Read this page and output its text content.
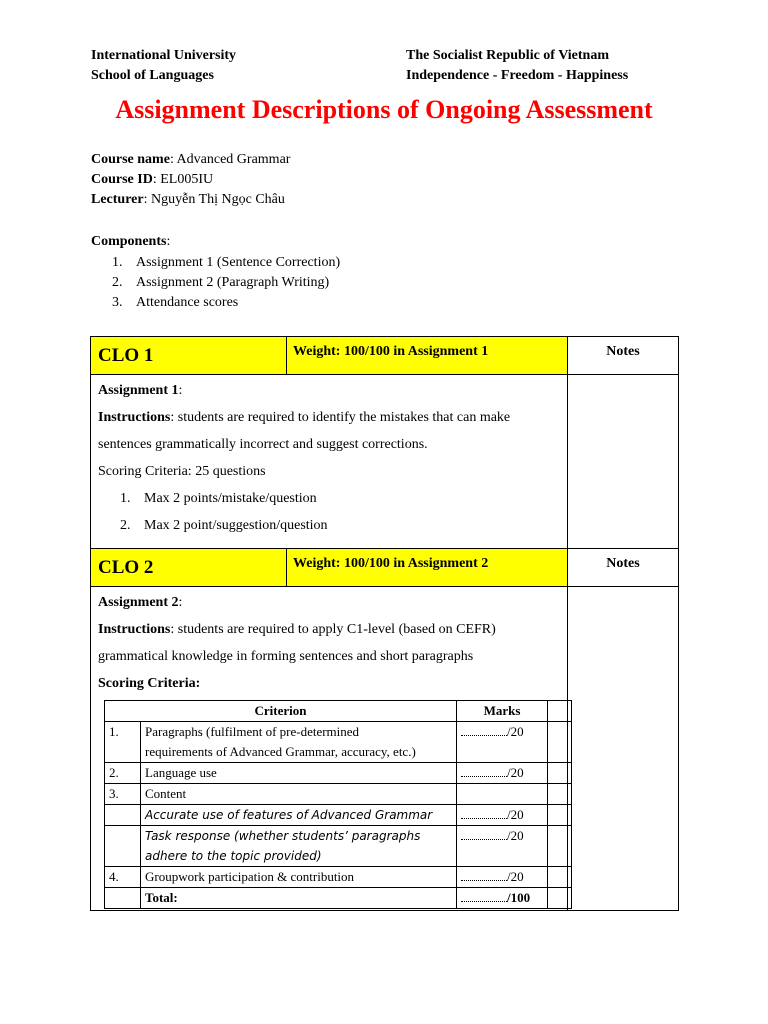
International University
School of Languages
The Socialist Republic of Vietnam
Independence - Freedom - Happiness
Assignment Descriptions of Ongoing Assessment
Course name: Advanced Grammar
Course ID: EL005IU
Lecturer: Nguyễn Thị Ngọc Châu
Components:
1. Assignment 1 (Sentence Correction)
2. Assignment 2 (Paragraph Writing)
3. Attendance scores
CLO 1	Weight: 100/100 in Assignment 1	Notes
Assignment 1:
Instructions: students are required to identify the mistakes that can make
sentences grammatically incorrect and suggest corrections.
Scoring Criteria: 25 questions
1. Max 2 points/mistake/question
2. Max 2 point/suggestion/question
CLO 2	Weight: 100/100 in Assignment 2	Notes
Assignment 2:
Instructions: students are required to apply C1-level (based on CEFR)
grammatical knowledge in forming sentences and short paragraphs
Scoring Criteria:
Criterion		Marks	
1.	Paragraphs (fulfilment of pre-determined
requirements of Advanced Grammar, accuracy, etc.)	/20	
2.	Language use	/20	
3.	Content		
	Accurate use of features of Advanced Grammar	/20	

	Task response (whether students’ paragraphs
adhere to the topic provided)	/20	
4.	Groupwork participation & contribution	/20	
	Total:	/100	
